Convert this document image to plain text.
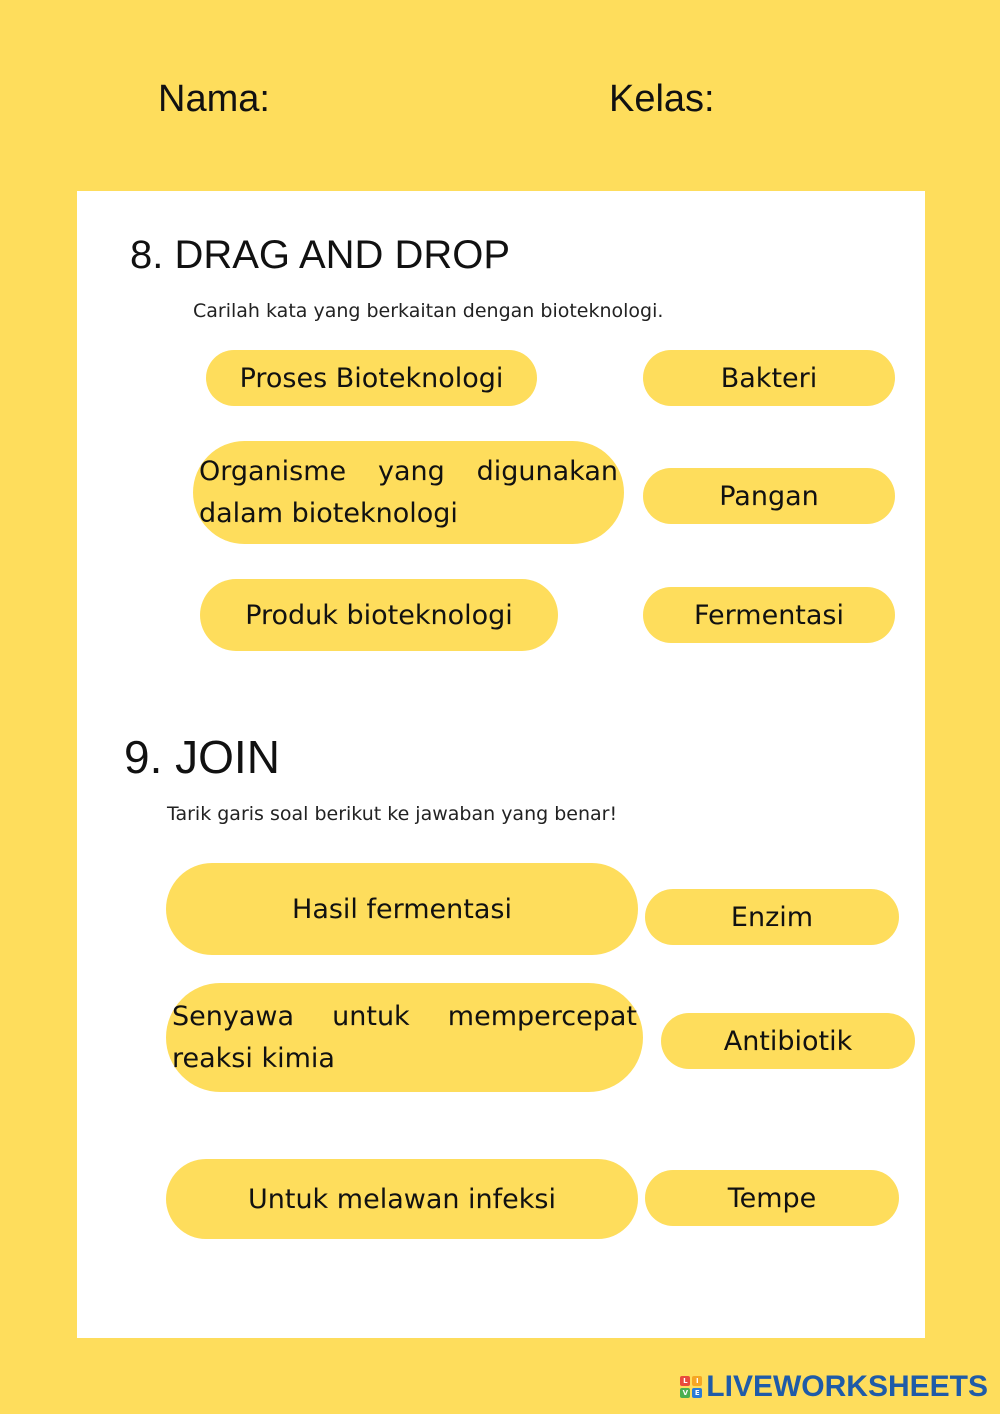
Nama:	Kelas:
8. DRAG AND DROP
Carilah kata yang berkaitan dengan bioteknologi.
Proses Bioteknologi
Organisme yang digunakan dalam bioteknologi
Produk bioteknologi
Bakteri
Pangan
Fermentasi
9. JOIN
Tarik garis soal berikut ke jawaban yang benar!
Hasil fermentasi
Senyawa untuk mempercepat reaksi kimia
Untuk melawan infeksi
Enzim
Antibiotik
Tempe
L	I
V E LIVEWORKSHEETS
